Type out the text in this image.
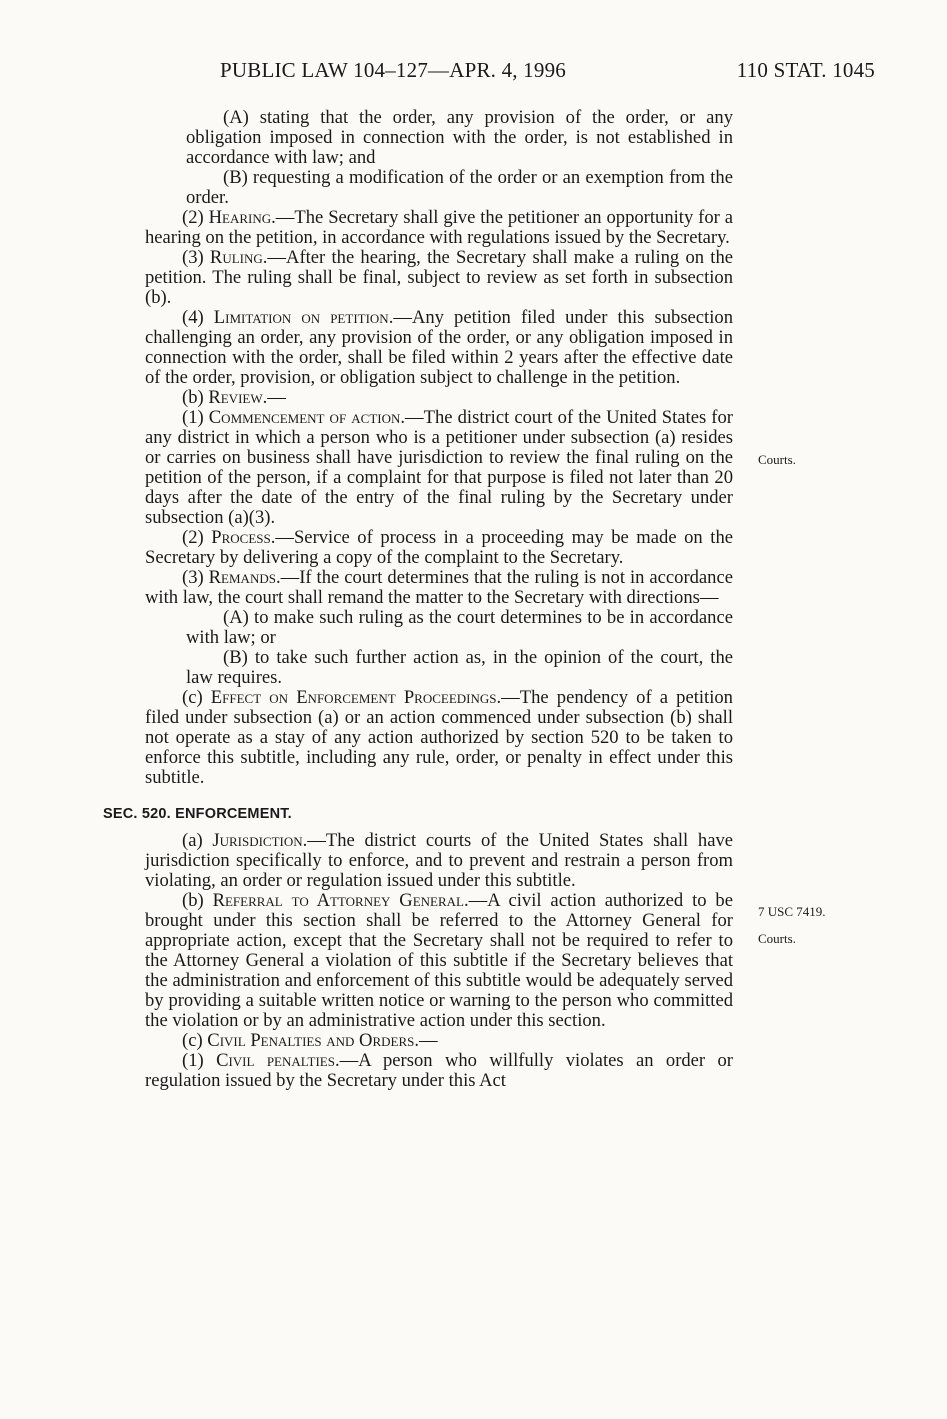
PUBLIC LAW 104–127—APR. 4, 1996	110 STAT. 1045

(A) stating that the order, any provision of the order, or any obligation imposed in connection with the order, is not established in accordance with law; and

(B) requesting a modification of the order or an exemption from the order.

(2) Hearing.—The Secretary shall give the petitioner an opportunity for a hearing on the petition, in accordance with regulations issued by the Secretary.

(3) Ruling.—After the hearing, the Secretary shall make a ruling on the petition. The ruling shall be final, subject to review as set forth in subsection (b).

(4) Limitation on petition.—Any petition filed under this subsection challenging an order, any provision of the order, or any obligation imposed in connection with the order, shall be filed within 2 years after the effective date of the order, provision, or obligation subject to challenge in the petition.

(b) Review.—

(1) Commencement of action.—The district court of the United States for any district in which a person who is a petitioner under subsection (a) resides or carries on business shall have jurisdiction to review the final ruling on the petition of the person, if a complaint for that purpose is filed not later than 20 days after the date of the entry of the final ruling by the Secretary under subsection (a)(3).

(2) Process.—Service of process in a proceeding may be made on the Secretary by delivering a copy of the complaint to the Secretary.

(3) Remands.—If the court determines that the ruling is not in accordance with law, the court shall remand the matter to the Secretary with directions—

(A) to make such ruling as the court determines to be in accordance with law; or

(B) to take such further action as, in the opinion of the court, the law requires.

(c) Effect on Enforcement Proceedings.—The pendency of a petition filed under subsection (a) or an action commenced under subsection (b) shall not operate as a stay of any action authorized by section 520 to be taken to enforce this subtitle, including any rule, order, or penalty in effect under this subtitle.

SEC. 520. ENFORCEMENT.

(a) Jurisdiction.—The district courts of the United States shall have jurisdiction specifically to enforce, and to prevent and restrain a person from violating, an order or regulation issued under this subtitle.

(b) Referral to Attorney General.—A civil action authorized to be brought under this section shall be referred to the Attorney General for appropriate action, except that the Secretary shall not be required to refer to the Attorney General a violation of this subtitle if the Secretary believes that the administration and enforcement of this subtitle would be adequately served by providing a suitable written notice or warning to the person who committed the violation or by an administrative action under this section.

(c) Civil Penalties and Orders.—

(1) Civil penalties.—A person who willfully violates an order or regulation issued by the Secretary under this Act

Courts.
7 USC 7419.
Courts.
